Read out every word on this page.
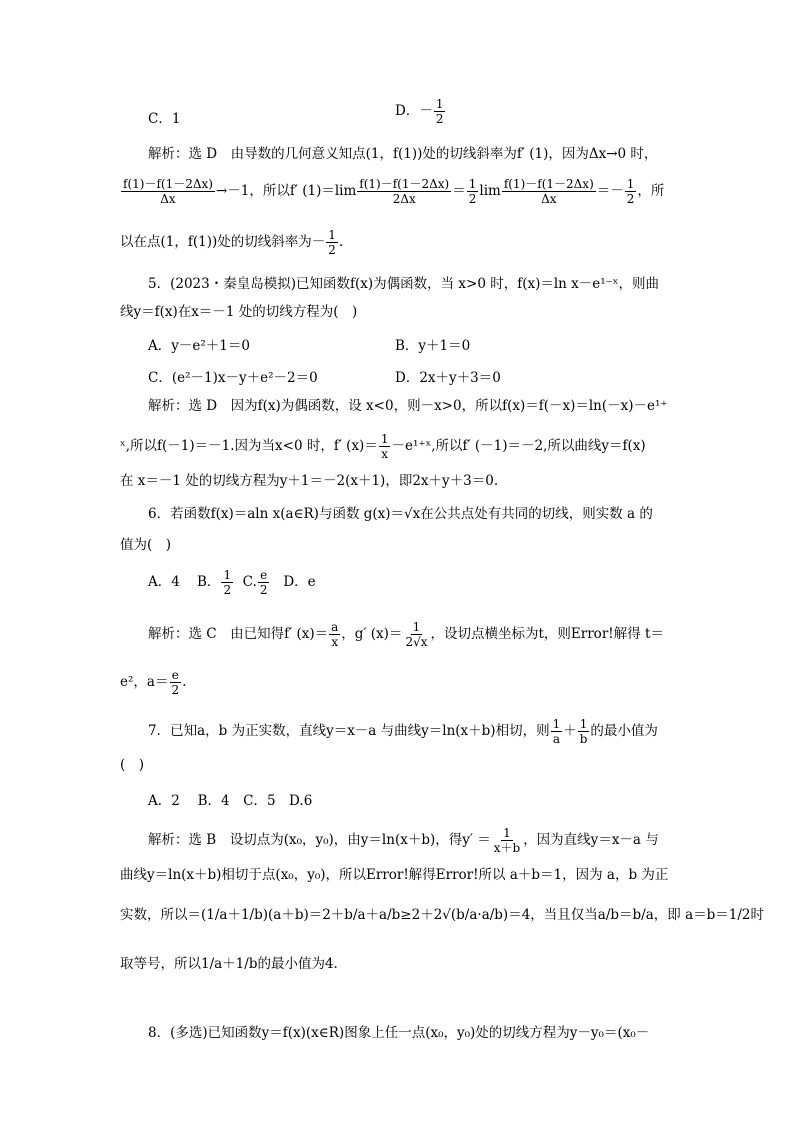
C．1	D．－ $\frac{1}{2}$
解析：选 D　由导数的几何意义知点(1，f(1))处的切线斜率为f′ (1)，因为Δx→0 时，
$\frac{f(1)-f(1-2\Delta x)}{\Delta x} \to-1$，所以f′ $(1)=\lim \frac{f(1)-f(1-2\Delta x)}{2\Delta x} = \frac{1}{2}$ $\lim \frac{f(1)-f(1-2\Delta x)}{\Delta x} =- \frac{1}{2}$ ，所
以在点(1，f(1))处的切线斜率为－ $\frac{1}{2}$ .
5．(2023・秦皇岛模拟)已知函数f(x)为偶函数，当 x>0 时，f(x)＝ln x－e¹⁻ˣ，则曲
线y＝f(x)在x＝－1 处的切线方程为(　)
A．y－e²＋1＝0	B．y＋1＝0
C．(e²－1)x－y＋e²－2＝0	D．2x＋y＋3＝0
解析：选 D　因为f(x)为偶函数，设 x<0，则－x>0，所以f(x)＝f(－x)＝ln(－x)－e¹⁺
ˣ,所以f(－1)＝－1.因为当x<0 时，f′ $(x)= \frac{1}{x}$ －e¹⁺ˣ,所以f′ (－1)＝－2,所以曲线y＝f(x)
在 x＝－1 处的切线方程为y＋1＝－2(x＋1)，即2x＋y＋3＝0.
6．若函数f(x)＝aln x(a∈R)与函数 g(x)＝√x在公共点处有共同的切线，则实数 a 的
值为(　)
A．4 B． $\frac{1}{2} C$. $\frac{e}{2}$ D．e
解析：选 C　由已知得f′ $(x)= \frac{a}{x}$ ，g′ $(x)= \frac{1}{2√x}$ ，设切点横坐标为t，则Error!解得 t＝
e²，$a= \frac{e}{2}$ .
7．已知a，b 为正实数，直线y＝x－a 与曲线y＝ln(x＋b)相切，则 $\frac{1}{a} + \frac{1}{b}$ 的最小值为
(　)
A．2　 B．4　C．5　D.6
解析：选 B　设切点为(x₀，y₀)，由y＝ln(x＋b)，得$y' = \frac{1}{x+b}$ ，因为直线y＝x－a 与
曲线y＝ln(x＋b)相切于点(x₀，y₀)，所以Error!解得Error!所以 a＋b＝1，因为 a，b 为正
实数，所以＝(1/a＋1/b)(a＋b)＝2＋b/a＋a/b≥2＋2√(b/a·a/b)＝4，当且仅当a/b＝b/a，即 a＝b＝1/2时
取等号，所以1/a＋1/b的最小值为4.
8．(多选)已知函数y＝f(x)(x∈R)图象上任一点(x₀，y₀)处的切线方程为y－y₀＝(x₀－
